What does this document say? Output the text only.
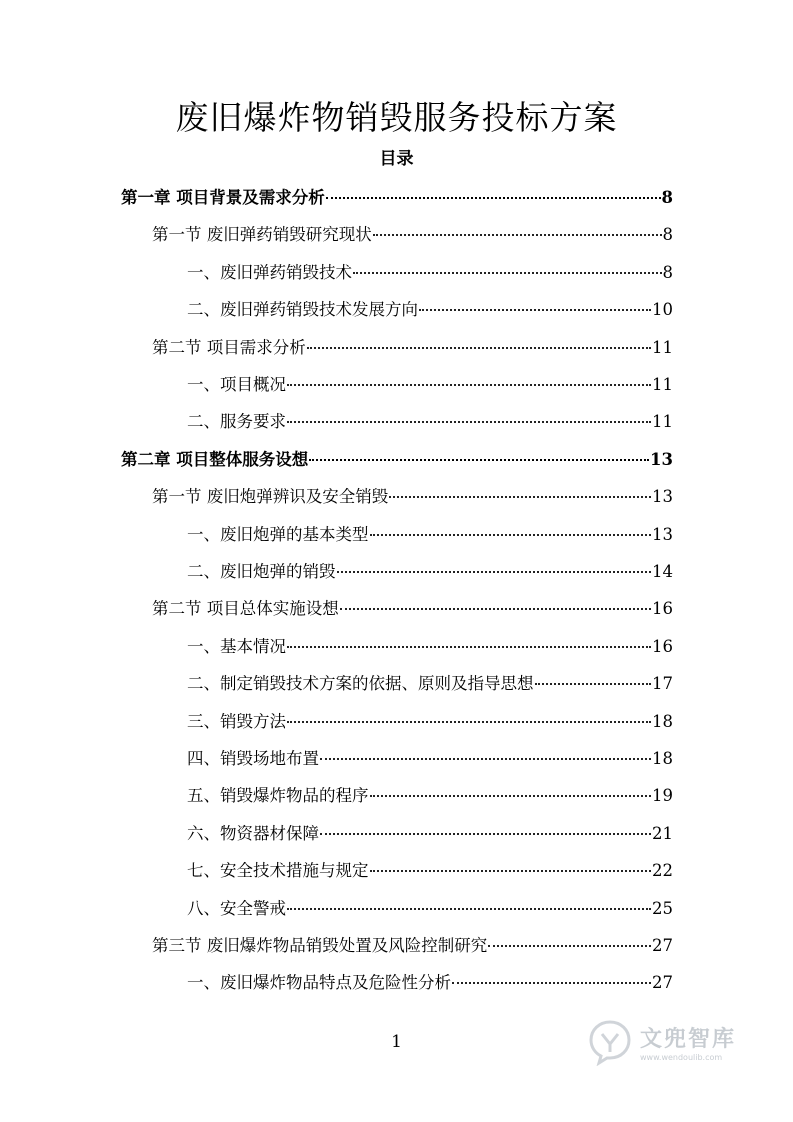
废旧爆炸物销毁服务投标方案
目录
第一章 项目背景及需求分析	8
第一节 废旧弹药销毁研究现状	8
一、废旧弹药销毁技术	8
二、废旧弹药销毁技术发展方向	10
第二节 项目需求分析	11
一、项目概况	11
二、服务要求	11
第二章 项目整体服务设想	13
第一节 废旧炮弹辨识及安全销毁	13
一、废旧炮弹的基本类型	13
二、废旧炮弹的销毁	14
第二节 项目总体实施设想	16
一、基本情况	16
二、制定销毁技术方案的依据、原则及指导思想	17
三、销毁方法	18
四、销毁场地布置	18
五、销毁爆炸物品的程序	19
六、物资器材保障	21
七、安全技术措施与规定	22
八、安全警戒	25
第三节 废旧爆炸物品销毁处置及风险控制研究	27
一、废旧爆炸物品特点及危险性分析	27
1	文兜智库
www.wendoulib.com
